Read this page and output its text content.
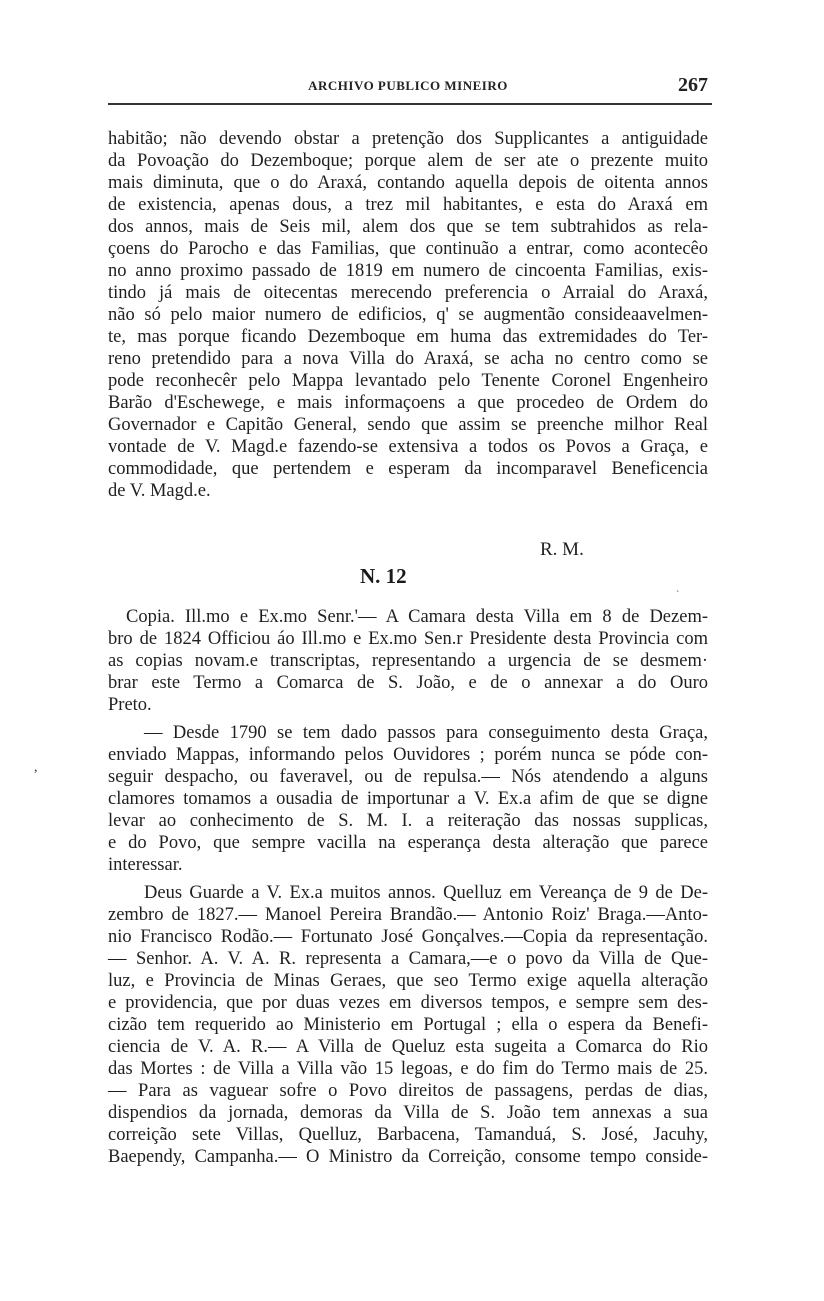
ARCHIVO PUBLICO MINEIRO	267
habitão; não devendo obstar a pretenção dos Supplicantes a antiguidade
da Povoação do Dezemboque; porque alem de ser ate o prezente muito
mais diminuta, que o do Araxá, contando aquella depois de oitenta annos
de existencia, apenas dous, a trez mil habitantes, e esta do Araxá em
dos annos, mais de Seis mil, alem dos que se tem subtrahidos as rela-
çoens do Parocho e das Familias, que continuão a entrar, como acontecêo
no anno proximo passado de 1819 em numero de cincoenta Familias, exis-
tindo já mais de oitecentas merecendo preferencia o Arraial do Araxá,
não só pelo maior numero de edificios, q' se augmentão consideaavelmen-
te, mas porque ficando Dezemboque em huma das extremidades do Ter-
reno pretendido para a nova Villa do Araxá, se acha no centro como se
pode reconhecêr pelo Mappa levantado pelo Tenente Coronel Engenheiro
Barão d'Eschewege, e mais informaçoens a que procedeo de Ordem do
Governador e Capitão General, sendo que assim se preenche milhor Real
vontade de V. Magd.e fazendo-se extensiva a todos os Povos a Graça, e
commodidade, que pertendem e esperam da incomparavel Beneficencia
de V. Magd.e.
Copia. Ill.mo e Ex.mo Senr.'— A Camara desta Villa em 8 de Dezem-
bro de 1824 Officiou áo Ill.mo e Ex.mo Sen.r Presidente desta Provincia com
as copias novam.e transcriptas, representando a urgencia de se desmem·
brar este Termo a Comarca de S. João, e de o annexar a do Ouro
Preto.
— Desde 1790 se tem dado passos para conseguimento desta Graça,
enviado Mappas, informando pelos Ouvidores ; porém nunca se póde con-
seguir despacho, ou faveravel, ou de repulsa.— Nós atendendo a alguns
clamores tomamos a ousadia de importunar a V. Ex.a afim de que se digne
levar ao conhecimento de S. M. I. a reiteração das nossas supplicas,
e do Povo, que sempre vacilla na esperança desta alteração que parece
interessar.
Deus Guarde a V. Ex.a muitos annos. Quelluz em Vereança de 9 de De-
zembro de 1827.— Manoel Pereira Brandão.— Antonio Roiz' Braga.—Anto-
nio Francisco Rodão.— Fortunato José Gonçalves.—Copia da representação.
— Senhor. A. V. A. R. representa a Camara,—e o povo da Villa de Que-
luz, e Provincia de Minas Geraes, que seo Termo exige aquella alteração
e providencia, que por duas vezes em diversos tempos, e sempre sem des-
cizão tem requerido ao Ministerio em Portugal ; ella o espera da Benefi-
ciencia de V. A. R.— A Villa de Queluz esta sugeita a Comarca do Rio
das Mortes : de Villa a Villa vão 15 legoas, e do fim do Termo mais de 25.
— Para as vaguear sofre o Povo direitos de passagens, perdas de dias,
dispendios da jornada, demoras da Villa de S. João tem annexas a sua
correição sete Villas, Quelluz, Barbacena, Tamanduá, S. José, Jacuhy,
Baependy, Campanha.— O Ministro da Correição, consome tempo conside-
R. M.
N. 12
,
`
